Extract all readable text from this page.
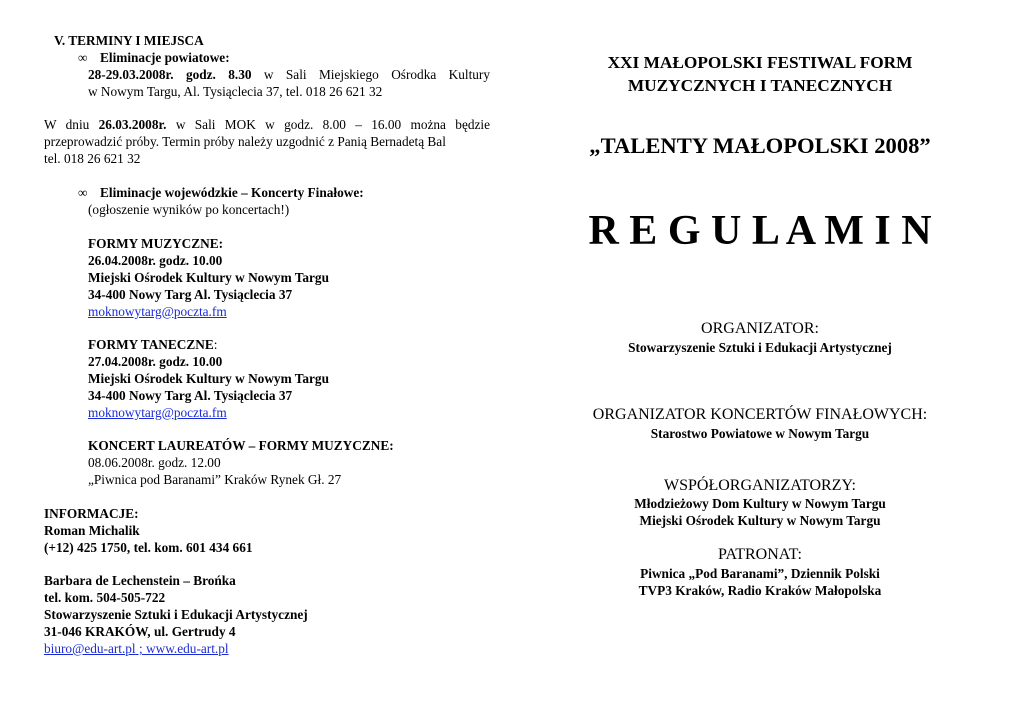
V. TERMINY I MIEJSCA
∞ Eliminacje powiatowe:
28-29.03.2008r. godz. 8.30 w Sali Miejskiego Ośrodka Kultury
w Nowym Targu, Al. Tysiąclecia 37, tel. 018 26 621 32
W dniu 26.03.2008r. w Sali MOK w godz. 8.00 – 16.00 można będzie
przeprowadzić próby. Termin próby należy uzgodnić z Panią Bernadetą Bal
tel. 018 26 621 32
∞ Eliminacje wojewódzkie – Koncerty Finałowe:
(ogłoszenie wyników po koncertach!)
FORMY MUZYCZNE:
26.04.2008r. godz. 10.00
Miejski Ośrodek Kultury w Nowym Targu
34-400 Nowy Targ Al. Tysiąclecia 37
moknowytarg@poczta.fm
FORMY TANECZNE:
27.04.2008r. godz. 10.00
Miejski Ośrodek Kultury w Nowym Targu
34-400 Nowy Targ Al. Tysiąclecia 37
moknowytarg@poczta.fm
KONCERT LAUREATÓW – FORMY MUZYCZNE:
08.06.2008r. godz. 12.00
„Piwnica pod Baranami” Kraków Rynek Gł. 27
INFORMACJE:
Roman Michalik
(+12) 425 1750, tel. kom. 601 434 661
Barbara de Lechenstein – Brońka
tel. kom. 504-505-722
Stowarzyszenie Sztuki i Edukacji Artystycznej
31-046 KRAKÓW, ul. Gertrudy 4
biuro@edu-art.pl ; www.edu-art.pl
XXI MAŁOPOLSKI FESTIWAL FORM
MUZYCZNYCH I TANECZNYCH
„TALENTY MAŁOPOLSKI 2008”
R E G U L A M I N
ORGANIZATOR:
Stowarzyszenie Sztuki i Edukacji Artystycznej
ORGANIZATOR KONCERTÓW FINAŁOWYCH:
Starostwo Powiatowe w Nowym Targu
WSPÓŁORGANIZATORZY:
Młodzieżowy Dom Kultury w Nowym Targu
Miejski Ośrodek Kultury w Nowym Targu
PATRONAT:
Piwnica „Pod Baranami”, Dziennik Polski
TVP3 Kraków, Radio Kraków Małopolska
